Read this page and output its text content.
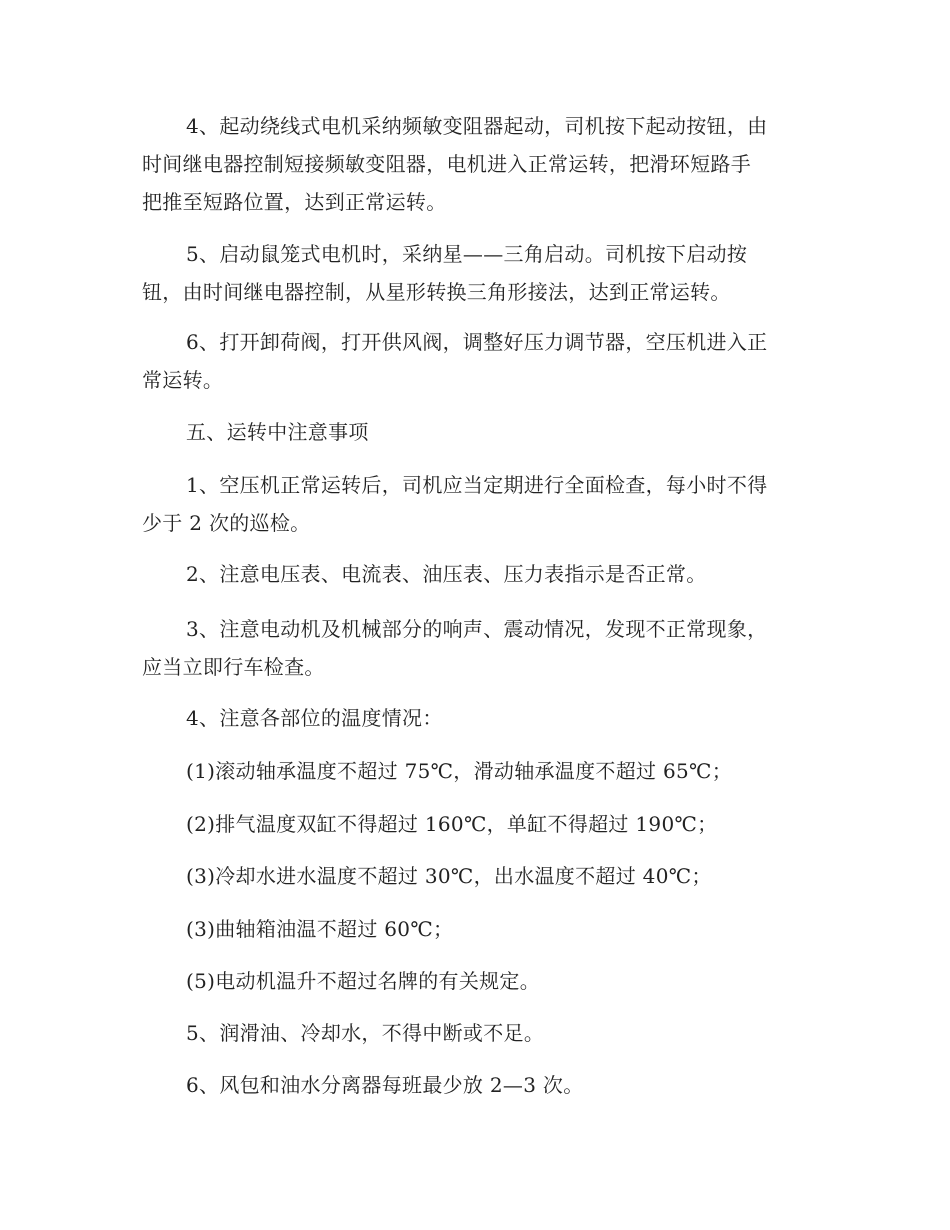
4、起动绕线式电机采纳频敏变阻器起动，司机按下起动按钮，由
时间继电器控制短接频敏变阻器，电机进入正常运转，把滑环短路手
把推至短路位置，达到正常运转。

5、启动鼠笼式电机时，采纳星——三角启动。司机按下启动按
钮，由时间继电器控制，从星形转换三角形接法，达到正常运转。

6、打开卸荷阀，打开供风阀，调整好压力调节器，空压机进入正
常运转。

五、运转中注意事项

1、空压机正常运转后，司机应当定期进行全面检查，每小时不得
少于 2 次的巡检。

2、注意电压表、电流表、油压表、压力表指示是否正常。

3、注意电动机及机械部分的响声、震动情况，发现不正常现象，
应当立即行车检查。

4、注意各部位的温度情况：

(1)滚动轴承温度不超过 75℃，滑动轴承温度不超过 65℃；

(2)排气温度双缸不得超过 160℃，单缸不得超过 190℃；

(3)冷却水进水温度不超过 30℃，出水温度不超过 40℃；

(3)曲轴箱油温不超过 60℃；

(5)电动机温升不超过名牌的有关规定。

5、润滑油、冷却水，不得中断或不足。

6、风包和油水分离器每班最少放 2—3 次。
